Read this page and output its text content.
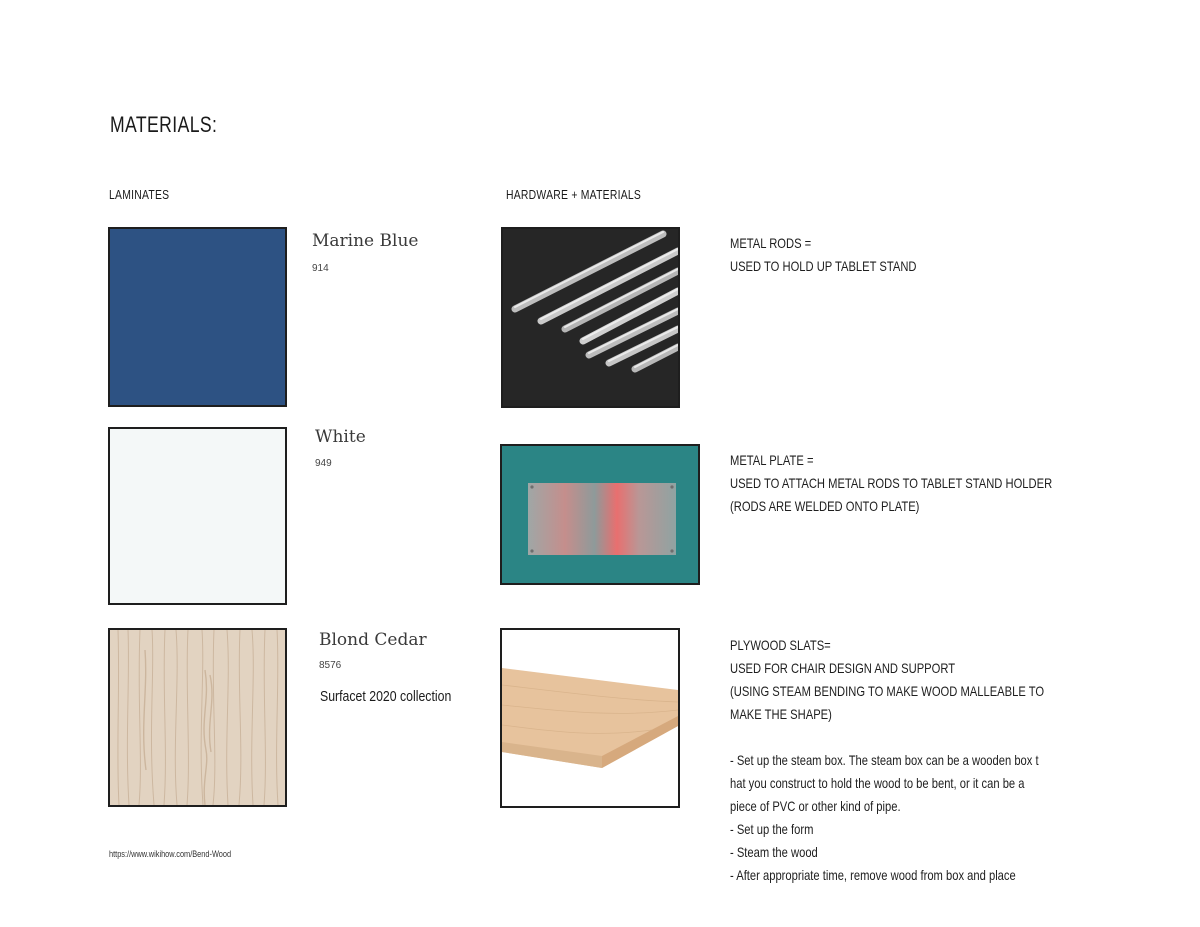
MATERIALS:
LAMINATES	HARDWARE + MATERIALS
Marine Blue
914
White
949
Blond Cedar
8576
Surfacet 2020 collection
https://www.wikihow.com/Bend-Wood
METAL RODS =
USED TO HOLD UP TABLET STAND
METAL PLATE =
USED TO ATTACH METAL RODS TO TABLET STAND HOLDER
(RODS ARE WELDED ONTO PLATE)
PLYWOOD SLATS=
USED FOR CHAIR DESIGN AND SUPPORT
(USING STEAM BENDING TO MAKE WOOD MALLEABLE TO
MAKE THE SHAPE)
- Set up the steam box. The steam box can be a wooden box t
hat you construct to hold the wood to be bent, or it can be a
piece of PVC or other kind of pipe.
- Set up the form
- Steam the wood
- After appropriate time, remove wood from box and place
